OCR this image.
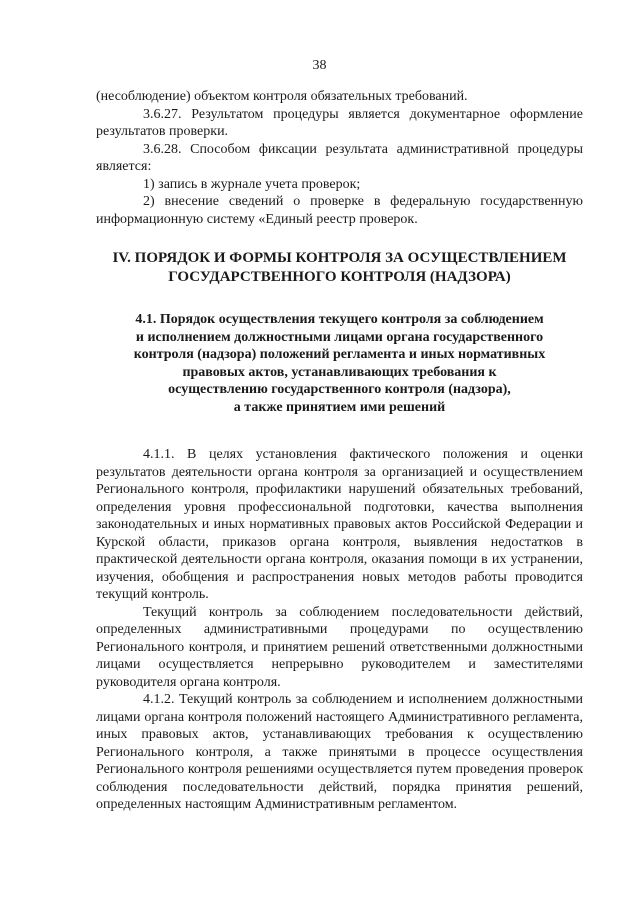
38

(несоблюдение) объектом контроля обязательных требований.

3.6.27. Результатом процедуры является документарное оформление результатов проверки.

3.6.28. Способом фиксации результата административной процедуры является:

1) запись в журнале учета проверок;

2) внесение сведений о проверке в федеральную государственную информационную систему «Единый реестр проверок.

IV. ПОРЯДОК И ФОРМЫ КОНТРОЛЯ ЗА ОСУЩЕСТВЛЕНИЕМ
ГОСУДАРСТВЕННОГО КОНТРОЛЯ (НАДЗОРА)
4.1. Порядок осуществления текущего контроля за соблюдением
и исполнением должностными лицами органа государственного
контроля (надзора) положений регламента и иных нормативных
правовых актов, устанавливающих требования к
осуществлению государственного контроля (надзора),
а также принятием ими решений

4.1.1. В целях установления фактического положения и оценки результатов деятельности органа контроля за организацией и осуществлением Регионального контроля, профилактики нарушений обязательных требований, определения уровня профессиональной подготовки, качества выполнения законодательных и иных нормативных правовых актов Российской Федерации и Курской области, приказов органа контроля, выявления недостатков в практической деятельности органа контроля, оказания помощи в их устранении, изучения, обобщения и распространения новых методов работы проводится текущий контроль.

Текущий контроль за соблюдением последовательности действий, определенных административными процедурами по осуществлению Регионального контроля, и принятием решений ответственными должностными лицами осуществляется непрерывно руководителем и заместителями руководителя органа контроля.

4.1.2. Текущий контроль за соблюдением и исполнением должностными лицами органа контроля положений настоящего Административного регламента, иных правовых актов, устанавливающих требования к осуществлению Регионального контроля, а также принятыми в процессе осуществления Регионального контроля решениями осуществляется путем проведения проверок соблюдения последовательности действий, порядка принятия решений, определенных настоящим Административным регламентом.
